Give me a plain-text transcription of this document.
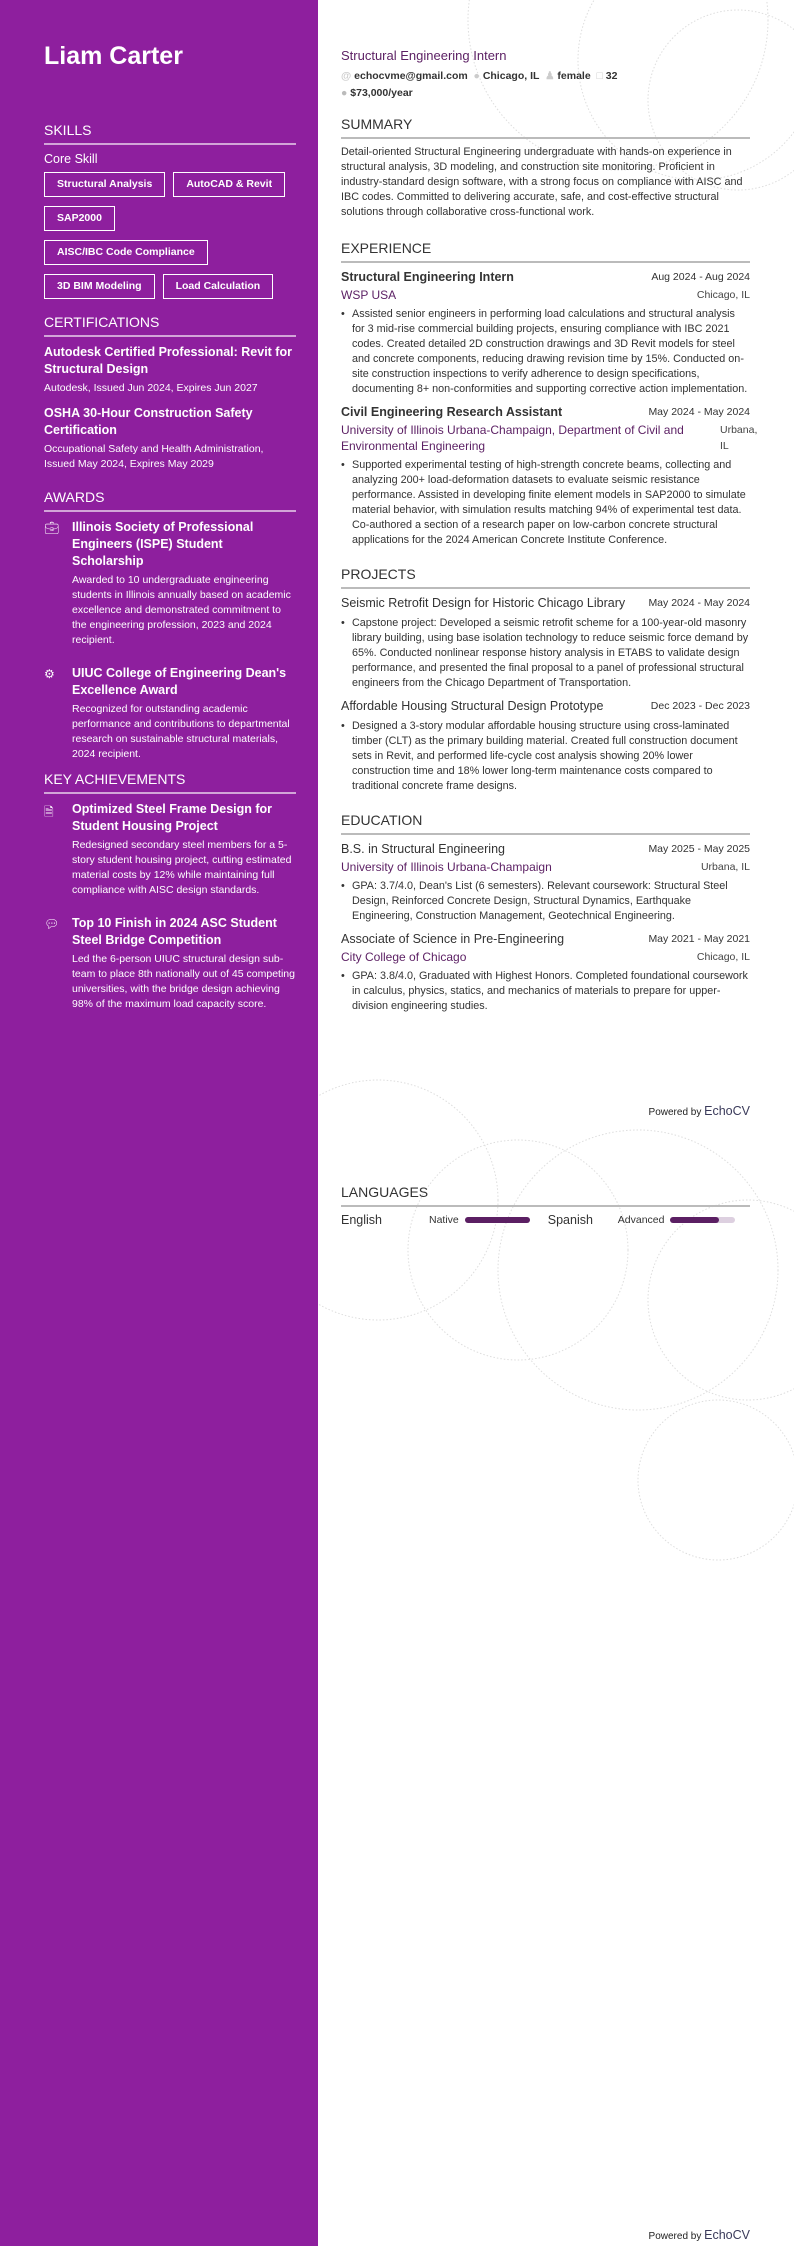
Liam Carter
SKILLS
Core Skill
Structural Analysis	AutoCAD & Revit
SAP2000
AISC/IBC Code Compliance
3D BIM Modeling	Load Calculation
CERTIFICATIONS
Autodesk Certified Professional: Revit for Structural Design
Autodesk, Issued Jun 2024, Expires Jun 2027
OSHA 30-Hour Construction Safety Certification
Occupational Safety and Health Administration, Issued May 2024, Expires May 2029
AWARDS
💼︎	Illinois Society of Professional Engineers (ISPE) Student Scholarship
Awarded to 10 undergraduate engineering students in Illinois annually based on academic excellence and demonstrated commitment to the engineering profession, 2023 and 2024 recipient.
⚙︎	UIUC College of Engineering Dean's Excellence Award
Recognized for outstanding academic performance and contributions to departmental research on sustainable structural materials, 2024 recipient.
KEY ACHIEVEMENTS
🗎︎	Optimized Steel Frame Design for Student Housing Project
Redesigned secondary steel members for a 5-story student housing project, cutting estimated material costs by 12% while maintaining full compliance with AISC design standards.
💬︎	Top 10 Finish in 2024 ASC Student Steel Bridge Competition
Led the 6-person UIUC structural design sub-team to place 8th nationally out of 45 competing universities, with the bridge design achieving 98% of the maximum load capacity score.
Structural Engineering Intern
@ echocvme@gmail.com ● Chicago, IL ♟ female □ 32
● $73,000/year
SUMMARY
Detail-oriented Structural Engineering undergraduate with hands-on experience in structural analysis, 3D modeling, and construction site monitoring. Proficient in industry-standard design software, with a strong focus on compliance with AISC and IBC codes. Committed to delivering accurate, safe, and cost-effective structural solutions through collaborative cross-functional work.
EXPERIENCE
Structural Engineering Intern	Aug 2024 - Aug 2024
WSP USA	Chicago, IL
• Assisted senior engineers in performing load calculations and structural analysis for 3 mid-rise commercial building projects, ensuring compliance with IBC 2021 codes. Created detailed 2D construction drawings and 3D Revit models for steel and concrete components, reducing drawing revision time by 15%. Conducted on-site construction inspections to verify adherence to design specifications, documenting 8+ non-conformities and supporting corrective action implementation.
Civil Engineering Research Assistant	May 2024 - May 2024
University of Illinois Urbana-Champaign, Department of Civil and Environmental Engineering
Urbana, IL
• Supported experimental testing of high-strength concrete beams, collecting and analyzing 200+ load-deformation datasets to evaluate seismic resistance performance. Assisted in developing finite element models in SAP2000 to simulate material behavior, with simulation results matching 94% of experimental test data. Co-authored a section of a research paper on low-carbon concrete structural applications for the 2024 American Concrete Institute Conference.
PROJECTS
Seismic Retrofit Design for Historic Chicago Library	May 2024 - May 2024
• Capstone project: Developed a seismic retrofit scheme for a 100-year-old masonry library building, using base isolation technology to reduce seismic force demand by 65%. Conducted nonlinear response history analysis in ETABS to validate design performance, and presented the final proposal to a panel of professional structural engineers from the Chicago Department of Transportation.
Affordable Housing Structural Design Prototype	Dec 2023 - Dec 2023
• Designed a 3-story modular affordable housing structure using cross-laminated timber (CLT) as the primary building material. Created full construction document sets in Revit, and performed life-cycle cost analysis showing 20% lower construction time and 18% lower long-term maintenance costs compared to traditional concrete frame designs.
EDUCATION
B.S. in Structural Engineering	May 2025 - May 2025
University of Illinois Urbana-Champaign	Urbana, IL
• GPA: 3.7/4.0, Dean's List (6 semesters). Relevant coursework: Structural Steel Design, Reinforced Concrete Design, Structural Dynamics, Earthquake Engineering, Construction Management, Geotechnical Engineering.
Associate of Science in Pre-Engineering	May 2021 - May 2021
City College of Chicago	Chicago, IL
• GPA: 3.8/4.0, Graduated with Highest Honors. Completed foundational coursework in calculus, physics, statics, and mechanics of materials to prepare for upper-division engineering studies.
Powered by EchoCV
LANGUAGES
English	Native	Spanish	Advanced
Powered by EchoCV
